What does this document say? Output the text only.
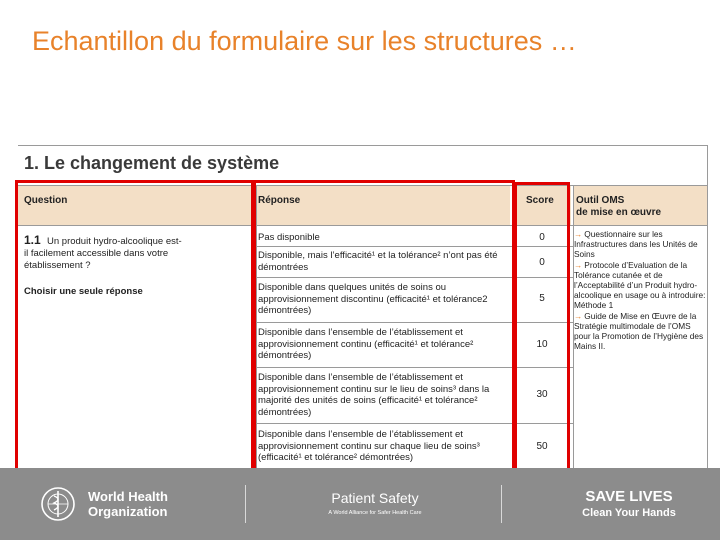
Echantillon du formulaire sur les structures …
1. Le changement de système
Question	Réponse	Score Outil OMS
de mise en œuvre
1.1 Un produit hydro-alcoolique est-
il facilement accessible dans votre
établissement ?
Choisir une seule réponse
Pas disponible
Disponible, mais l’efficacité¹ et la tolérance² n’ont pas été démontrées
Disponible dans quelques unités de soins ou approvisionnement discontinu (efficacité¹ et tolérance2 démontrées)
Disponible dans l’ensemble de l’établissement et approvisionnement continu (efficacité¹ et tolérance² démontrées)
Disponible dans l’ensemble de l’établissement et approvisionnement continu sur le lieu de soins³ dans la majorité des unités de soins (efficacité¹ et tolérance² démontrées)
Disponible dans l’ensemble de l’établissement et approvisionnement continu sur chaque lieu de soins³ (efficacité¹ et tolérance² démontrées)
0
0
5
10
30
50

→ Questionnaire sur les Infrastructures dans les Unités de Soins

→ Protocole d’Evaluation de la Tolérance cutanée et de l’Acceptabilité d’un Produit hydro-alcoolique en usage ou à introduire: Méthode 1

→ Guide de Mise en Œuvre de la Stratégie multimodale de l’OMS pour la Promotion de l’Hygiène des Mains II.

World Health
Organization
Patient Safety
A World Alliance for Safer Health Care
SAVE LIVES
Clean Your Hands
